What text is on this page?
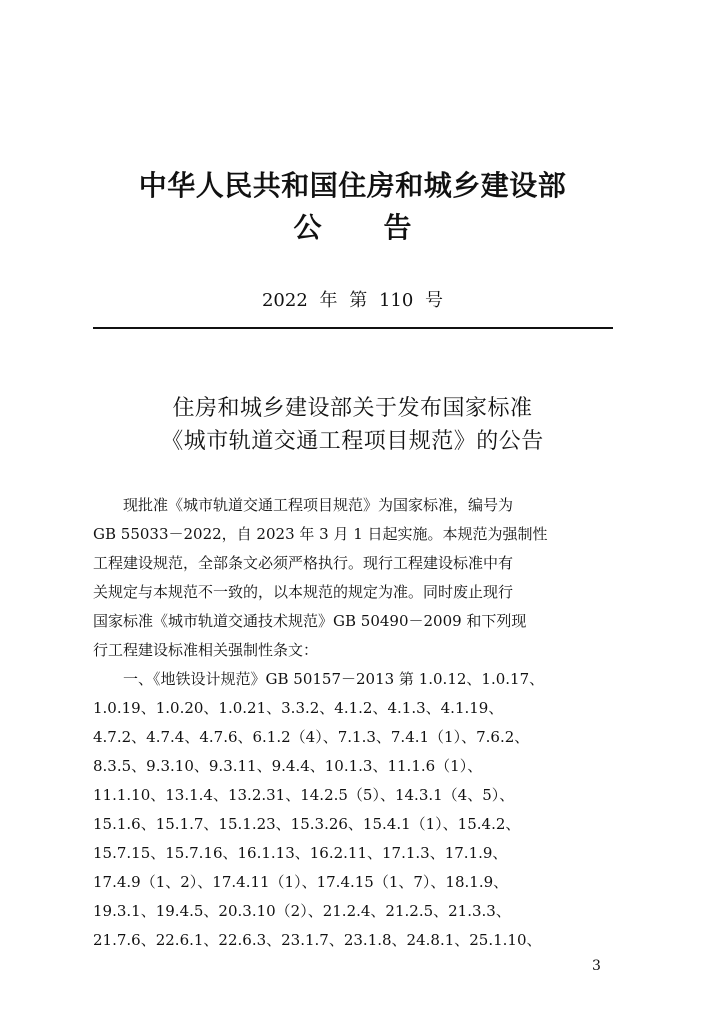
中华人民共和国住房和城乡建设部
公告
2022 年 第 110 号
住房和城乡建设部关于发布国家标准
《城市轨道交通工程项目规范》的公告
现批准《城市轨道交通工程项目规范》为国家标准，编号为
GB 55033－2022，自 2023 年 3 月 1 日起实施。本规范为强制性
工程建设规范，全部条文必须严格执行。现行工程建设标准中有
关规定与本规范不一致的，以本规范的规定为准。同时废止现行
国家标准《城市轨道交通技术规范》GB 50490－2009 和下列现
行工程建设标准相关强制性条文：
一、《地铁设计规范》GB 50157－2013 第 1.0.12、1.0.17、
1.0.19、1.0.20、1.0.21、3.3.2、4.1.2、4.1.3、4.1.19、
4.7.2、4.7.4、4.7.6、6.1.2（4）、7.1.3、7.4.1（1）、7.6.2、
8.3.5、9.3.10、9.3.11、9.4.4、10.1.3、11.1.6（1）、
11.1.10、13.1.4、13.2.31、14.2.5（5）、14.3.1（4、5）、
15.1.6、15.1.7、15.1.23、15.3.26、15.4.1（1）、15.4.2、
15.7.15、15.7.16、16.1.13、16.2.11、17.1.3、17.1.9、
17.4.9（1、2）、17.4.11（1）、17.4.15（1、7）、18.1.9、
19.3.1、19.4.5、20.3.10（2）、21.2.4、21.2.5、21.3.3、
21.7.6、22.6.1、22.6.3、23.1.7、23.1.8、24.8.1、25.1.10、
3
